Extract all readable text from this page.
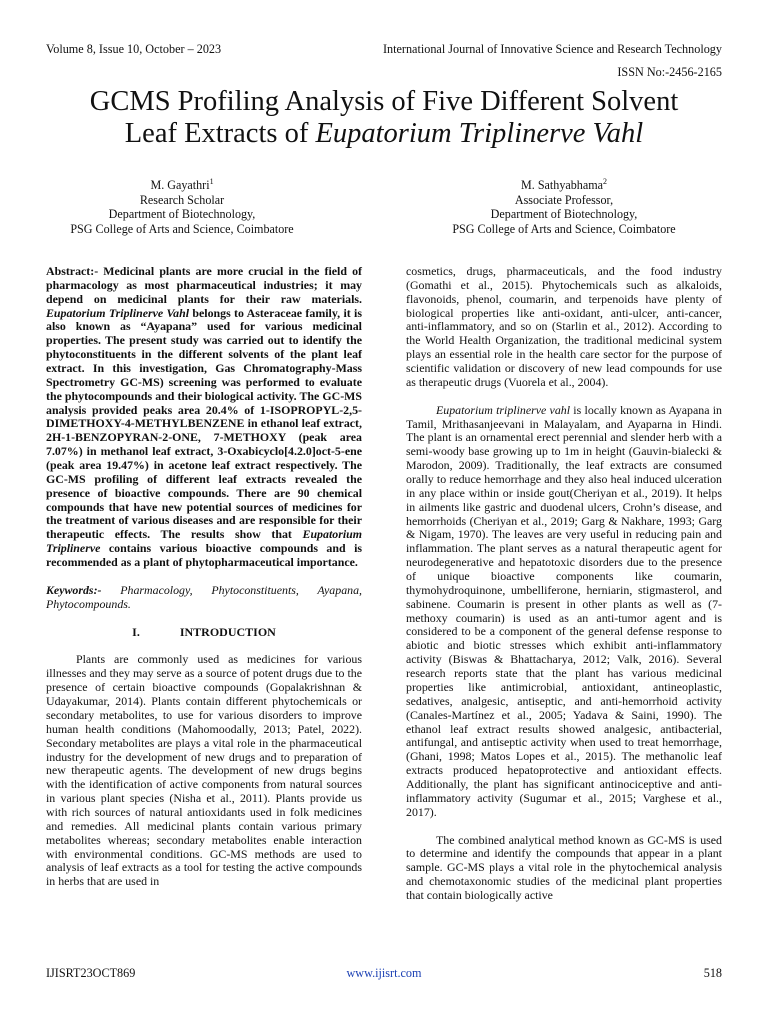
Volume 8, Issue 10, October – 2023	International Journal of Innovative Science and Research Technology
ISSN No:-2456-2165
GCMS Profiling Analysis of Five Different Solvent
Leaf Extracts of Eupatorium Triplinerve Vahl
M. Gayathri$^1$
Research Scholar
Department of Biotechnology,
PSG College of Arts and Science, Coimbatore
M. Sathyabhama$^2$
Associate Professor,
Department of Biotechnology,
PSG College of Arts and Science, Coimbatore

Abstract:- Medicinal plants are more crucial in the field of pharmacology as most pharmaceutical industries; it may depend on medicinal plants for their raw materials. Eupatorium Triplinerve Vahl belongs to Asteraceae family, it is also known as “Ayapana” used for various medicinal properties. The present study was carried out to identify the phytoconstituents in the different solvents of the plant leaf extract. In this investigation, Gas Chromatography-Mass Spectrometry GC-MS) screening was performed to evaluate the phytocompounds and their biological activity. The GC-MS analysis provided peaks area 20.4% of 1-ISOPROPYL-2,5-DIMETHOXY-4-METHYLBENZENE in ethanol leaf extract, 2H-1-BENZOPYRAN-2-ONE, 7-METHOXY (peak area 7.07%) in methanol leaf extract, 3-Oxabicyclo[4.2.0]oct-5-ene (peak area 19.47%) in acetone leaf extract respectively. The GC-MS profiling of different leaf extracts revealed the presence of bioactive compounds. There are 90 chemical compounds that have new potential sources of medicines for the treatment of various diseases and are responsible for their therapeutic effects. The results show that Eupatorium Triplinerve contains various bioactive compounds and is recommended as a plant of phytopharmaceutical importance.

Keywords:- Pharmacology, Phytoconstituents, Ayapana, Phytocompounds.

I.	INTRODUCTION

Plants are commonly used as medicines for various illnesses and they may serve as a source of potent drugs due to the presence of certain bioactive compounds (Gopalakrishnan & Udayakumar, 2014). Plants contain different phytochemicals or secondary metabolites, to use for various disorders to improve human health conditions (Mahomoodally, 2013; Patel, 2022). Secondary metabolites are plays a vital role in the pharmaceutical industry for the development of new drugs and to preparation of new therapeutic agents. The development of new drugs begins with the identification of active components from natural sources in various plant species (Nisha et al., 2011). Plants provide us with rich sources of natural antioxidants used in folk medicines and remedies. All medicinal plants contain various primary metabolites whereas; secondary metabolites enable interaction with environmental conditions. GC-MS methods are used to analysis of leaf extracts as a tool for testing the active compounds in herbs that are used in

cosmetics, drugs, pharmaceuticals, and the food industry (Gomathi et al., 2015). Phytochemicals such as alkaloids, flavonoids, phenol, coumarin, and terpenoids have plenty of biological properties like anti-oxidant, anti-ulcer, anti-cancer, anti-inflammatory, and so on (Starlin et al., 2012). According to the World Health Organization, the traditional medicinal system plays an essential role in the health care sector for the purpose of scientific validation or discovery of new lead compounds for use as therapeutic drugs (Vuorela et al., 2004).

Eupatorium triplinerve vahl is locally known as Ayapana in Tamil, Mrithasanjeevani in Malayalam, and Ayaparna in Hindi. The plant is an ornamental erect perennial and slender herb with a semi-woody base growing up to 1m in height (Gauvin-bialecki & Marodon, 2009). Traditionally, the leaf extracts are consumed orally to reduce hemorrhage and they also heal induced ulceration in any place within or inside gout(Cheriyan et al., 2019). It helps in ailments like gastric and duodenal ulcers, Crohn’s disease, and hemorrhoids (Cheriyan et al., 2019; Garg & Nakhare, 1993; Garg & Nigam, 1970). The leaves are very useful in reducing pain and inflammation. The plant serves as a natural therapeutic agent for neurodegenerative and hepatotoxic disorders due to the presence of unique bioactive components like coumarin, thymohydroquinone, umbelliferone, herniarin, stigmasterol, and sabinene. Coumarin is present in other plants as well as (7-methoxy coumarin) is used as an anti-tumor agent and is considered to be a component of the general defense response to abiotic and biotic stresses which exhibit anti-inflammatory activity (Biswas & Bhattacharya, 2012; Valk, 2016). Several research reports state that the plant has various medicinal properties like antimicrobial, antioxidant, antineoplastic, sedatives, analgesic, antiseptic, and anti-hemorrhoid activity (Canales-Martínez et al., 2005; Yadava & Saini, 1990). The ethanol leaf extract results showed analgesic, antibacterial, antifungal, and antiseptic activity when used to treat hemorrhage, (Ghani, 1998; Matos Lopes et al., 2015). The methanolic leaf extracts produced hepatoprotective and antioxidant effects. Additionally, the plant has significant antinociceptive and anti-inflammatory activity (Sugumar et al., 2015; Varghese et al., 2017).

The combined analytical method known as GC-MS is used to determine and identify the compounds that appear in a plant sample. GC-MS plays a vital role in the phytochemical analysis and chemotaxonomic studies of the medicinal plant properties that contain biologically active

IJISRT23OCT869	www.ijisrt.com	518
